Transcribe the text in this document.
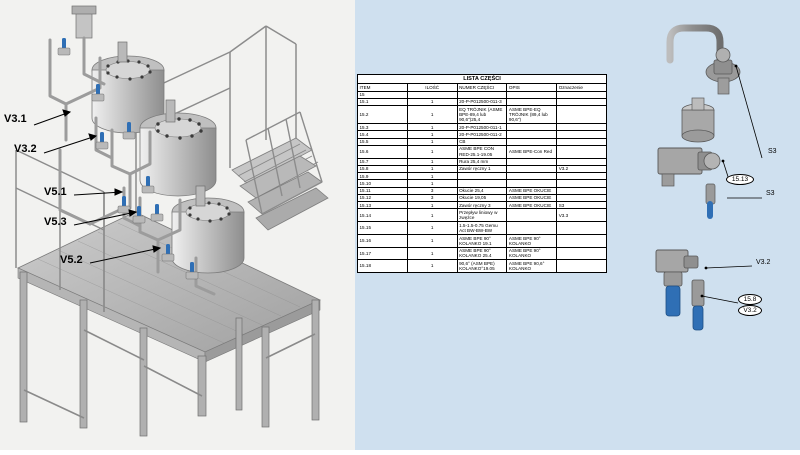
V3.1
V3.2
V5.1
V5.3
V5.2
LISTA CZĘŚCI				
ITEM	ILOŚĆ	NUMER CZĘŚCI	OPIS	Oznaczenie
15				
15.1	1	20-P-P012500-011-3		
15.2	1	EQ TRÓJNIK (ASME BPE-89,4 lub 90,6")25,4	ASME BPE-EQ TRÓJNIK (89,4 lub 90,6")	
15.3	1	20-P-P012500-011-1		
15.4	1	20-P-P012500-011-2		
15.5	1	CB		
15.6	1	ASME BPE CON RED-25.1-19.05	ASME BPE-Con Red	
15.7	1	Rura 25,4 mm		
15.8	1	Zawór ręczny 1		V3.2
15.9	1			
15.10	1			
15.11	3	Okucie 25,4	ASME BPE OKUCIE	
15.12	3	Okucie 19,05	ASME BPE OKUCIE	
15.13	1	Zawór ręczny 3	ASME BPE OKUCIE	S3
15.14	1	Przepływ liniowy w zwężce		V3.3
15.15	1	1.5-1.5-0.75 Gemu Act BW-BW-BW		
15.16	1	ASME BPE 90° KOLANKO 19.1	ASME BPE 90° KOLANKO	
15.17	1	ASME BPE 90° KOLANKO 25.4	ASME BPE 90° KOLANKO	
15.18	1	90,6° (ASM BPE) KOLANKO°19.05	ASME BPE 90,6° KOLANKO	
S3
S3
V3.2
15.13
15.8
V3.2
